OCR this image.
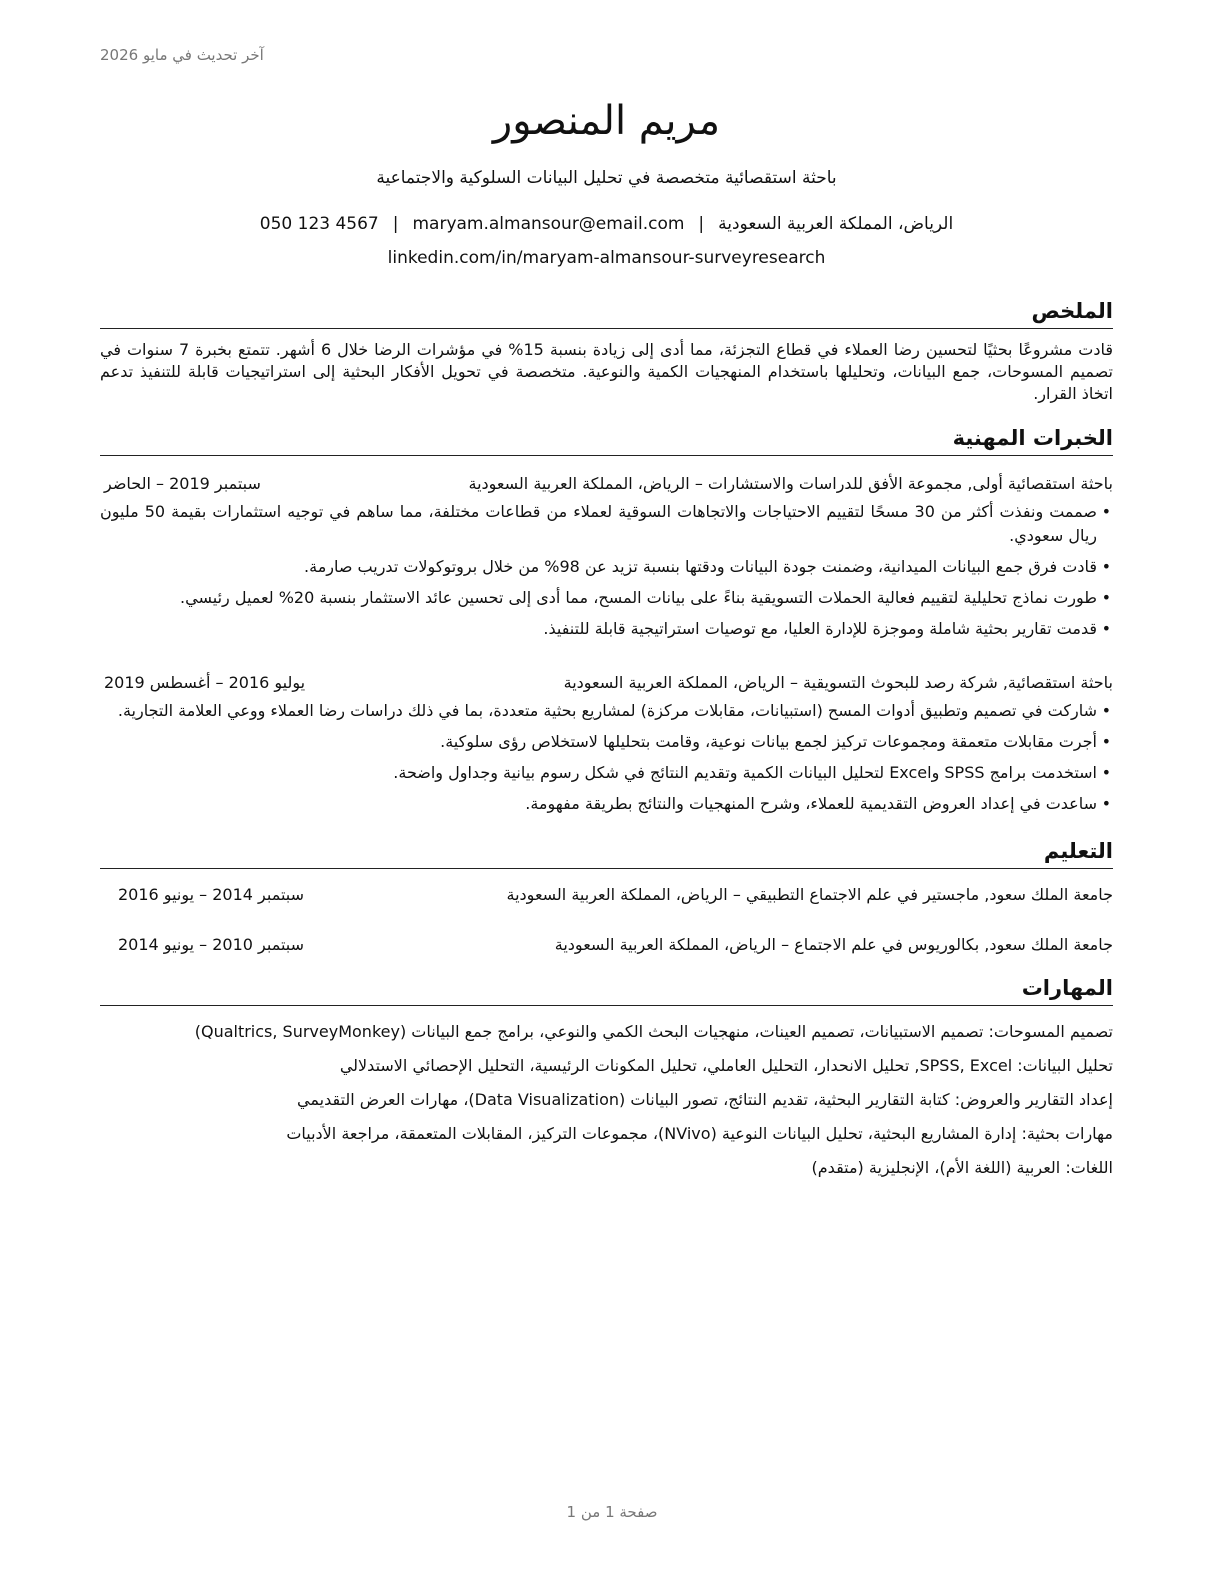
آخر تحديث في مايو 2026
مريم المنصور
باحثة استقصائية متخصصة في تحليل البيانات السلوكية والاجتماعية
الرياض، المملكة العربية السعودية|maryam.almansour@email.com|050 123 4567
linkedin.com/in/maryam-almansour-surveyresearch
الملخص

قادت مشروعًا بحثيًا لتحسين رضا العملاء في قطاع التجزئة، مما أدى إلى زيادة بنسبة 15% في مؤشرات الرضا خلال 6 أشهر. تتمتع بخبرة 7 سنوات في تصميم المسوحات، جمع البيانات، وتحليلها باستخدام المنهجيات الكمية والنوعية. متخصصة في تحويل الأفكار البحثية إلى استراتيجيات قابلة للتنفيذ تدعم اتخاذ القرار.

الخبرات المهنية
باحثة استقصائية أولى, مجموعة الأفق للدراسات والاستشارات – الرياض، المملكة العربية السعودية
سبتمبر 2019 – الحاضر
• صممت ونفذت أكثر من 30 مسحًا لتقييم الاحتياجات والاتجاهات السوقية لعملاء من قطاعات مختلفة، مما ساهم في توجيه استثمارات بقيمة 50 مليون ريال سعودي.
• قادت فرق جمع البيانات الميدانية، وضمنت جودة البيانات ودقتها بنسبة تزيد عن 98% من خلال بروتوكولات تدريب صارمة.
• طورت نماذج تحليلية لتقييم فعالية الحملات التسويقية بناءً على بيانات المسح، مما أدى إلى تحسين عائد الاستثمار بنسبة 20% لعميل رئيسي.
• قدمت تقارير بحثية شاملة وموجزة للإدارة العليا، مع توصيات استراتيجية قابلة للتنفيذ.
باحثة استقصائية, شركة رصد للبحوث التسويقية – الرياض، المملكة العربية السعودية
يوليو 2016 – أغسطس 2019
• شاركت في تصميم وتطبيق أدوات المسح (استبيانات، مقابلات مركزة) لمشاريع بحثية متعددة، بما في ذلك دراسات رضا العملاء ووعي العلامة التجارية.
• أجرت مقابلات متعمقة ومجموعات تركيز لجمع بيانات نوعية، وقامت بتحليلها لاستخلاص رؤى سلوكية.
• استخدمت برامج SPSS وExcel لتحليل البيانات الكمية وتقديم النتائج في شكل رسوم بيانية وجداول واضحة.
• ساعدت في إعداد العروض التقديمية للعملاء، وشرح المنهجيات والنتائج بطريقة مفهومة.
التعليم
جامعة الملك سعود, ماجستير في علم الاجتماع التطبيقي – الرياض، المملكة العربية السعودية
سبتمبر 2014 – يونيو 2016
جامعة الملك سعود, بكالوريوس في علم الاجتماع – الرياض، المملكة العربية السعودية
سبتمبر 2010 – يونيو 2014
المهارات

تصميم المسوحات: تصميم الاستبيانات، تصميم العينات، منهجيات البحث الكمي والنوعي، برامج جمع البيانات (Qualtrics, SurveyMonkey)

تحليل البيانات: SPSS, Excel, تحليل الانحدار، التحليل العاملي، تحليل المكونات الرئيسية، التحليل الإحصائي الاستدلالي

إعداد التقارير والعروض: كتابة التقارير البحثية، تقديم النتائج، تصور البيانات (Data Visualization)، مهارات العرض التقديمي

مهارات بحثية: إدارة المشاريع البحثية، تحليل البيانات النوعية (NVivo)، مجموعات التركيز، المقابلات المتعمقة، مراجعة الأدبيات

اللغات: العربية (اللغة الأم)، الإنجليزية (متقدم)

صفحة 1 من 1
